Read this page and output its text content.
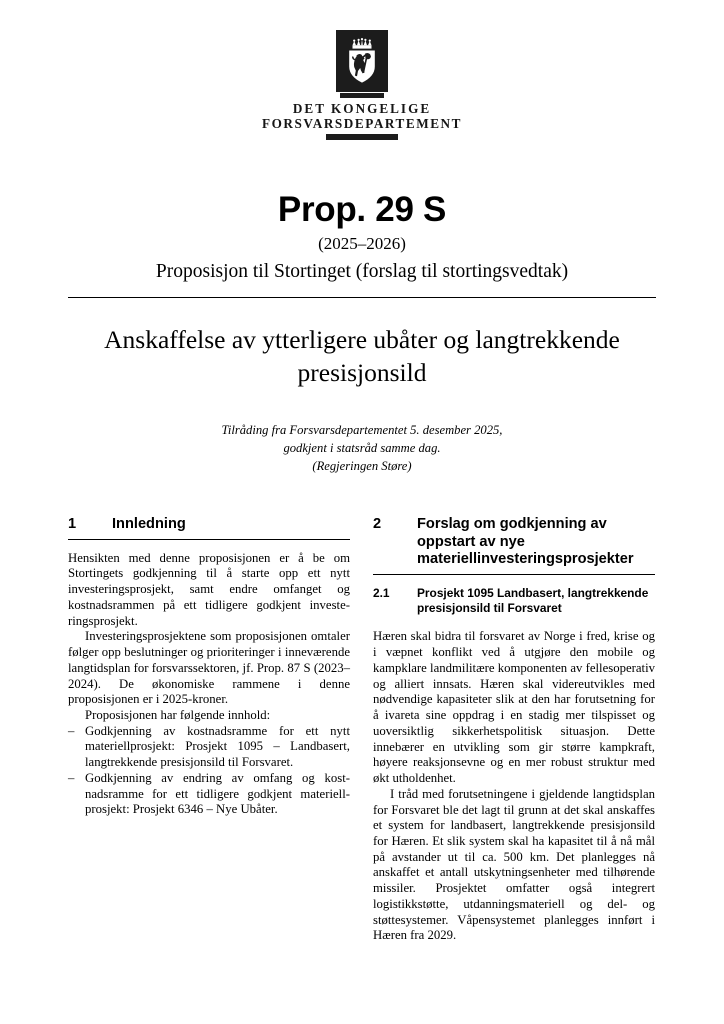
DET KONGELIGE
FORSVARSDEPARTEMENT
Prop. 29 S
(2025–2026)
Proposisjon til Stortinget (forslag til stortingsvedtak)
Anskaffelse av ytterligere ubåter og langtrekkende presisjonsild
Tilråding fra Forsvarsdepartementet 5. desember 2025,
godkjent i statsråd samme dag.
(Regjeringen Støre)
1	Innledning

Hensikten med denne proposisjonen er å be om Stortingets godkjenning til å starte opp ett nytt investeringsprosjekt, samt endre omfanget og kostnadsrammen på ett tidligere godkjent investeringsprosjekt.

Investeringsprosjektene som proposisjonen omtaler følger opp beslutninger og prioriteringer i inneværende langtidsplan for forsvarssektoren, jf. Prop. 87 S (2023–2024). De økonomiske rammene i denne proposisjonen er i 2025-kroner.

Proposisjonen har følgende innhold:

– Godkjenning av kostnadsramme for ett nytt materiellprosjekt: Prosjekt 1095 – Landbasert, langtrekkende presisjonsild til Forsvaret.
– Godkjenning av endring av omfang og kostnadsramme for ett tidligere godkjent materiellprosjekt: Prosjekt 6346 – Nye Ubåter.
2	Forslag om godkjenning av oppstart av nye materiellinvesteringsprosjekter
2.1	Prosjekt 1095 Landbasert, langtrekkende presisjonsild til Forsvaret

Hæren skal bidra til forsvaret av Norge i fred, krise og i væpnet konflikt ved å utgjøre den mobile og kampklare landmilitære komponenten av fellesoperativ og alliert innsats. Hæren skal videreutvikles med nødvendige kapasiteter slik at den har forutsetning for å ivareta sine oppdrag i en stadig mer tilspisset og uoversiktlig sikkerhetspolitisk situasjon. Dette innebærer en utvikling som gir større kampkraft, høyere reaksjonsevne og en mer robust struktur med økt utholdenhet.

I tråd med forutsetningene i gjeldende langtidsplan for Forsvaret ble det lagt til grunn at det skal anskaffes et system for landbasert, langtrekkende presisjonsild for Hæren. Et slik system skal ha kapasitet til å nå mål på avstander ut til ca. 500 km. Det planlegges nå anskaffet et antall utskytningsenheter med tilhørende missiler. Prosjektet omfatter også integrert logistikkstøtte, utdanningsmateriell og del- og støttesystemer. Våpensystemet planlegges innført i Hæren fra 2029.
